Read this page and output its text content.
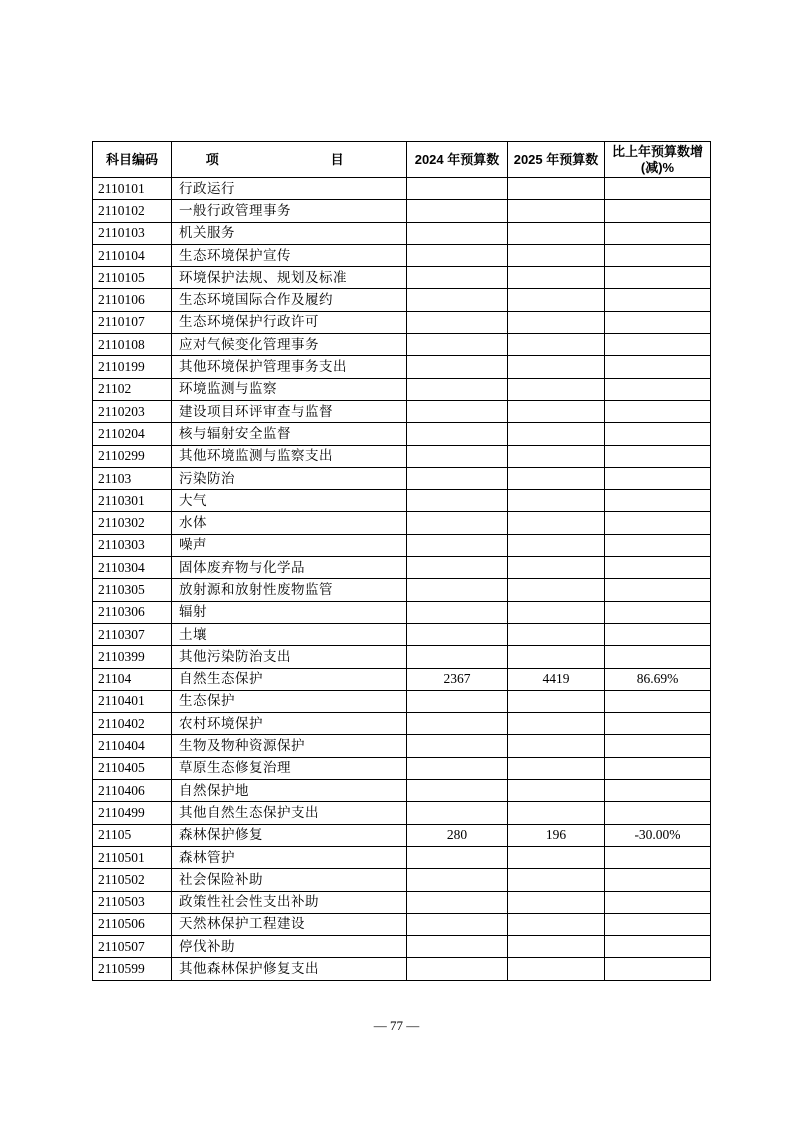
科目编码	项　　目	2024 年预算数	2025 年预算数	比上年预算数增 (减)%
2110101	行政运行			
2110102	一般行政管理事务			
2110103	机关服务			
2110104	生态环境保护宣传			
2110105	环境保护法规、规划及标准			
2110106	生态环境国际合作及履约			
2110107	生态环境保护行政许可			
2110108	应对气候变化管理事务			
2110199	其他环境保护管理事务支出			
21102	环境监测与监察			
2110203	建设项目环评审查与监督			
2110204	核与辐射安全监督			
2110299	其他环境监测与监察支出			
21103	污染防治			
2110301	大气			
2110302	水体			
2110303	噪声			
2110304	固体废弃物与化学品			
2110305	放射源和放射性废物监管			
2110306	辐射			
2110307	土壤			
2110399	其他污染防治支出			
21104	自然生态保护	2367	4419	86.69%
2110401	生态保护			
2110402	农村环境保护			
2110404	生物及物种资源保护			
2110405	草原生态修复治理			
2110406	自然保护地			
2110499	其他自然生态保护支出			
21105	森林保护修复	280	196	-30.00%
2110501	森林管护			
2110502	社会保险补助			
2110503	政策性社会性支出补助			
2110506	天然林保护工程建设			
2110507	停伐补助			
2110599	其他森林保护修复支出			
— 77 —
